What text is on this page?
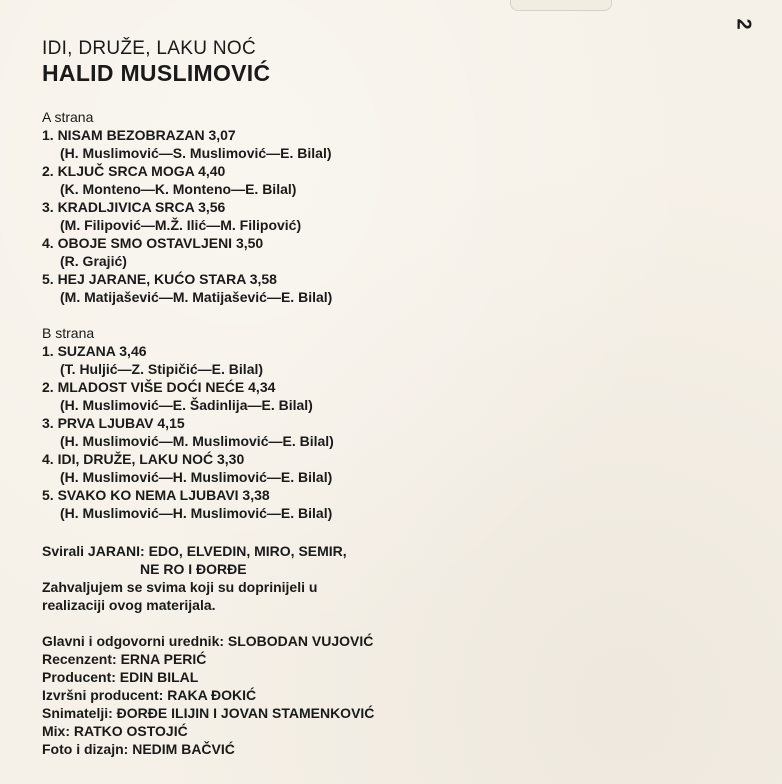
2
IDI, DRUŽE, LAKU NOĆ
HALID MUSLIMOVIĆ
A strana
1. NISAM BEZOBRAZAN 3,07
(H. Muslimović—S. Muslimović—E. Bilal)
2. KLJUČ SRCA MOGA 4,40
(K. Monteno—K. Monteno—E. Bilal)
3. KRADLJIVICA SRCA 3,56
(M. Filipović—M.Ž. Ilić—M. Filipović)
4. OBOJE SMO OSTAVLJENI 3,50
(R. Grajić)
5. HEJ JARANE, KUĆO STARA 3,58
(M. Matijašević—M. Matijašević—E. Bilal)
B strana
1. SUZANA 3,46
(T. Huljić—Z. Stipičić—E. Bilal)
2. MLADOST VIŠE DOĆI NEĆE 4,34
(H. Muslimović—E. Šadinlija—E. Bilal)
3. PRVA LJUBAV 4,15
(H. Muslimović—M. Muslimović—E. Bilal)
4. IDI, DRUŽE, LAKU NOĆ 3,30
(H. Muslimović—H. Muslimović—E. Bilal)
5. SVAKO KO NEMA LJUBAVI 3,38
(H. Muslimović—H. Muslimović—E. Bilal)
Svirali JARANI: EDO, ELVEDIN, MIRO, SEMIR,
NE RO I ĐORĐE
Zahvaljujem se svima koji su doprinijeli u
realizaciji ovog materijala.
Glavni i odgovorni urednik: SLOBODAN VUJOVIĆ
Recenzent: ERNA PERIĆ
Producent: EDIN BILAL
Izvršni producent: RAKA ĐOKIĆ
Snimatelji: ĐORĐE ILIJIN I JOVAN STAMENKOVIĆ
Mix: RATKO OSTOJIĆ
Foto i dizajn: NEDIM BAČVIĆ
